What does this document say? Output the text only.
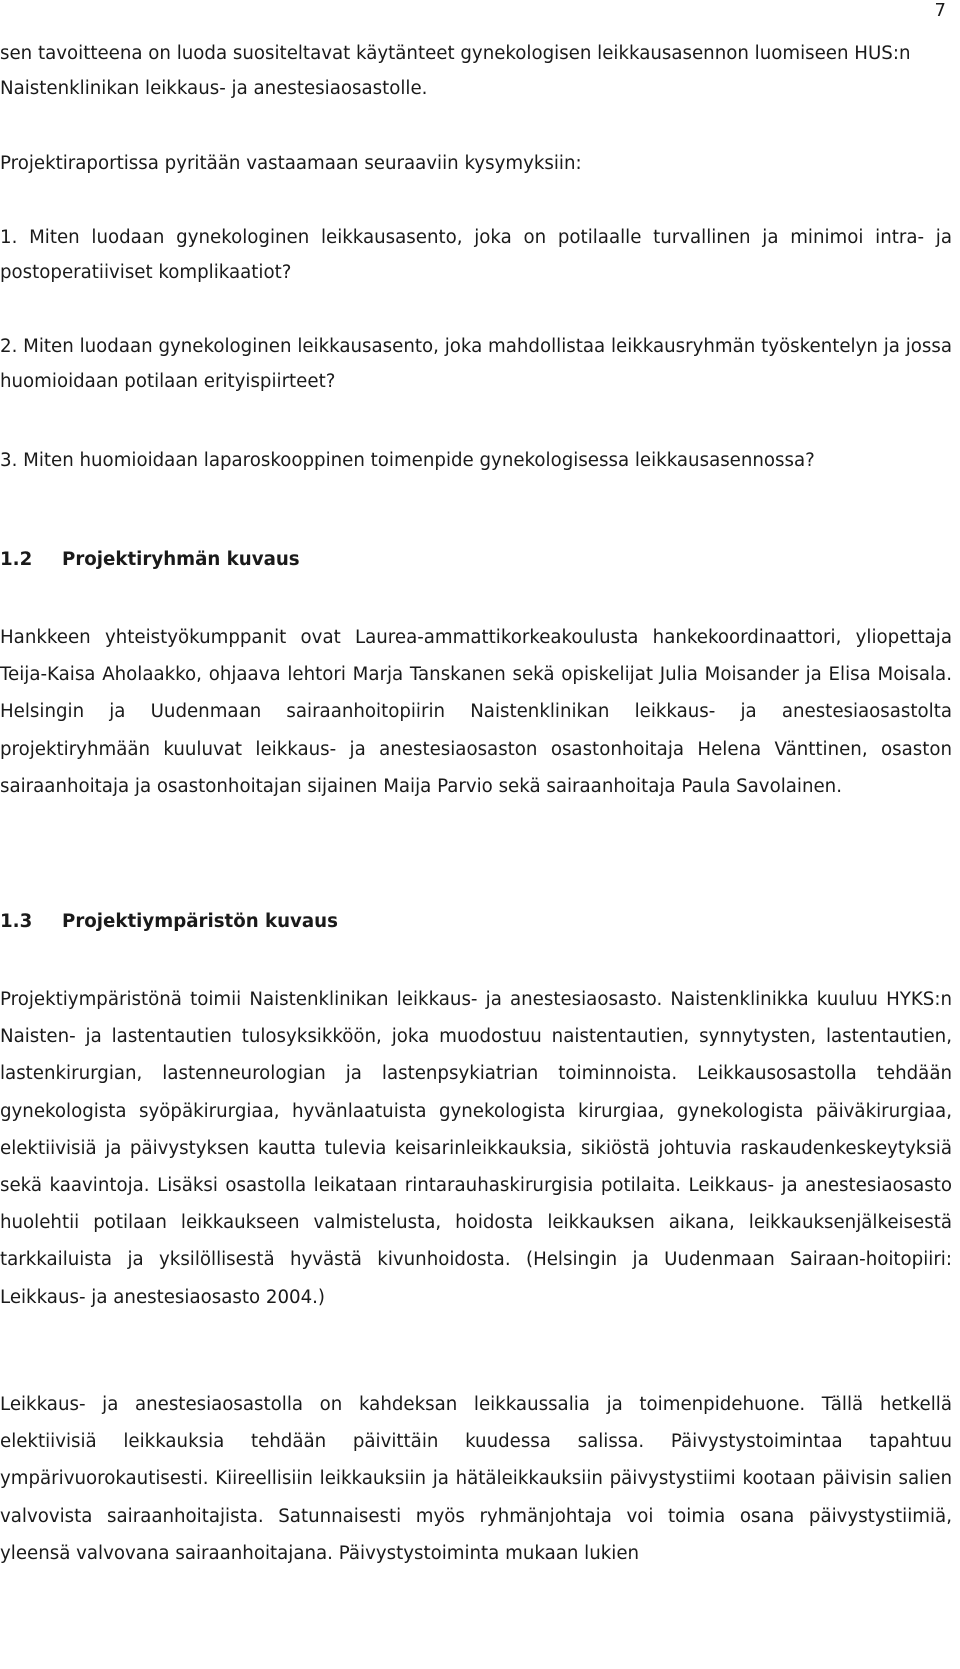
7

sen tavoitteena on luoda suositeltavat käytänteet gynekologisen leikkausasennon luomiseen HUS:n Naistenklinikan leikkaus- ja anestesiaosastolle.

Projektiraportissa pyritään vastaamaan seuraaviin kysymyksiin:

1. Miten luodaan gynekologinen leikkausasento, joka on potilaalle turvallinen ja minimoi intra- ja postoperatiiviset komplikaatiot?

2. Miten luodaan gynekologinen leikkausasento, joka mahdollistaa leikkausryhmän työskentelyn ja jossa huomioidaan potilaan erityispiirteet?

3. Miten huomioidaan laparoskooppinen toimenpide gynekologisessa leikkausasennossa?

1.2 Projektiryhmän kuvaus

Hankkeen yhteistyökumppanit ovat Laurea-ammattikorkeakoulusta hankekoordinaattori, yliopettaja Teija-Kaisa Aholaakko, ohjaava lehtori Marja Tanskanen sekä opiskelijat Julia Moisander ja Elisa Moisala. Helsingin ja Uudenmaan sairaanhoitopiirin Naistenklinikan leikkaus- ja anestesiaosastolta projektiryhmään kuuluvat leikkaus- ja anestesiaosaston osastonhoitaja Helena Vänttinen, osaston sairaanhoitaja ja osastonhoitajan sijainen Maija Parvio sekä sairaanhoitaja Paula Savolainen.

1.3 Projektiympäristön kuvaus

Projektiympäristönä toimii Naistenklinikan leikkaus- ja anestesiaosasto. Naistenklinikka kuuluu HYKS:n Naisten- ja lastentautien tulosyksikköön, joka muodostuu naistentautien, synnytysten, lastentautien, lastenkirurgian, lastenneurologian ja lastenpsykiatrian toiminnoista. Leikkausosastolla tehdään gynekologista syöpäkirurgiaa, hyvänlaatuista gynekologista kirurgiaa, gynekologista päiväkirurgiaa, elektiivisiä ja päivystyksen kautta tulevia keisarinleikkauksia, sikiöstä johtuvia raskaudenkeskeytyksiä sekä kaavintoja. Lisäksi osastolla leikataan rintarauhaskirurgisia potilaita. Leikkaus- ja anestesiaosasto huolehtii potilaan leikkaukseen valmistelusta, hoidosta leikkauksen aikana, leikkauksenjälkeisestä tarkkailuista ja yksilöllisestä hyvästä kivunhoidosta. (Helsingin ja Uudenmaan Sairaan-hoitopiiri: Leikkaus- ja anestesiaosasto 2004.)

Leikkaus- ja anestesiaosastolla on kahdeksan leikkaussalia ja toimenpidehuone. Tällä hetkellä elektiivisiä leikkauksia tehdään päivittäin kuudessa salissa. Päivystystoimintaa tapahtuu ympärivuorokautisesti. Kiireellisiin leikkauksiin ja hätäleikkauksiin päivystystiimi kootaan päivisin salien valvovista sairaanhoitajista. Satunnaisesti myös ryhmänjohtaja voi toimia osana päivystystiimiä, yleensä valvovana sairaanhoitajana. Päivystystoiminta mukaan lukien
